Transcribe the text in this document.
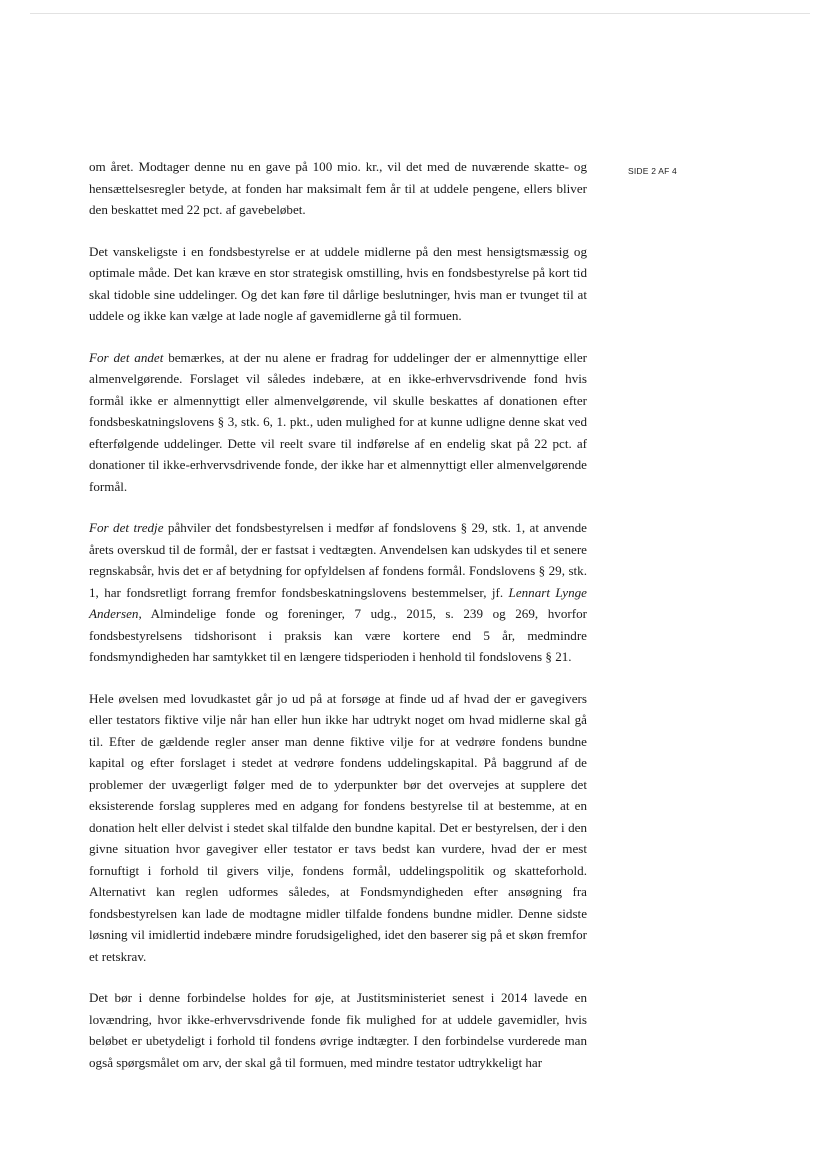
SIDE 2 AF 4

om året. Modtager denne nu en gave på 100 mio. kr., vil det med de nuværende skatte- og hensættelsesregler betyde, at fonden har maksimalt fem år til at uddele pengene, ellers bliver den beskattet med 22 pct. af gavebeløbet.

Det vanskeligste i en fondsbestyrelse er at uddele midlerne på den mest hensigtsmæssig og optimale måde. Det kan kræve en stor strategisk omstilling, hvis en fondsbestyrelse på kort tid skal tidoble sine uddelinger. Og det kan føre til dårlige beslutninger, hvis man er tvunget til at uddele og ikke kan vælge at lade nogle af gavemidlerne gå til formuen.

For det andet bemærkes, at der nu alene er fradrag for uddelinger der er almennyttige eller almenvelgørende. Forslaget vil således indebære, at en ikke-erhvervsdrivende fond hvis formål ikke er almennyttigt eller almenvelgørende, vil skulle beskattes af donationen efter fondsbeskatningslovens § 3, stk. 6, 1. pkt., uden mulighed for at kunne udligne denne skat ved efterfølgende uddelinger. Dette vil reelt svare til indførelse af en endelig skat på 22 pct. af donationer til ikke-erhvervsdrivende fonde, der ikke har et almennyttigt eller almenvelgørende formål.

For det tredje påhviler det fondsbestyrelsen i medfør af fondslovens § 29, stk. 1, at anvende årets overskud til de formål, der er fastsat i vedtægten. Anvendelsen kan udskydes til et senere regnskabsår, hvis det er af betydning for opfyldelsen af fondens formål. Fondslovens § 29, stk. 1, har fondsretligt forrang fremfor fondsbeskatningslovens bestemmelser, jf. Lennart Lynge Andersen, Almindelige fonde og foreninger, 7 udg., 2015, s. 239 og 269, hvorfor fondsbestyrelsens tidshorisont i praksis kan være kortere end 5 år, medmindre fondsmyndigheden har samtykket til en længere tidsperioden i henhold til fondslovens § 21.

Hele øvelsen med lovudkastet går jo ud på at forsøge at finde ud af hvad der er gavegivers eller testators fiktive vilje når han eller hun ikke har udtrykt noget om hvad midlerne skal gå til. Efter de gældende regler anser man denne fiktive vilje for at vedrøre fondens bundne kapital og efter forslaget i stedet at vedrøre fondens uddelingskapital. På baggrund af de problemer der uvægerligt følger med de to yderpunkter bør det overvejes at supplere det eksisterende forslag suppleres med en adgang for fondens bestyrelse til at bestemme, at en donation helt eller delvist i stedet skal tilfalde den bundne kapital. Det er bestyrelsen, der i den givne situation hvor gavegiver eller testator er tavs bedst kan vurdere, hvad der er mest fornuftigt i forhold til givers vilje, fondens formål, uddelingspolitik og skatteforhold. Alternativt kan reglen udformes således, at Fondsmyndigheden efter ansøgning fra fondsbestyrelsen kan lade de modtagne midler tilfalde fondens bundne midler. Denne sidste løsning vil imidlertid indebære mindre forudsigelighed, idet den baserer sig på et skøn fremfor et retskrav.

Det bør i denne forbindelse holdes for øje, at Justitsministeriet senest i 2014 lavede en lovændring, hvor ikke-erhvervsdrivende fonde fik mulighed for at uddele gavemidler, hvis beløbet er ubetydeligt i forhold til fondens øvrige indtægter. I den forbindelse vurderede man også spørgsmålet om arv, der skal gå til formuen, med mindre testator udtrykkeligt har
